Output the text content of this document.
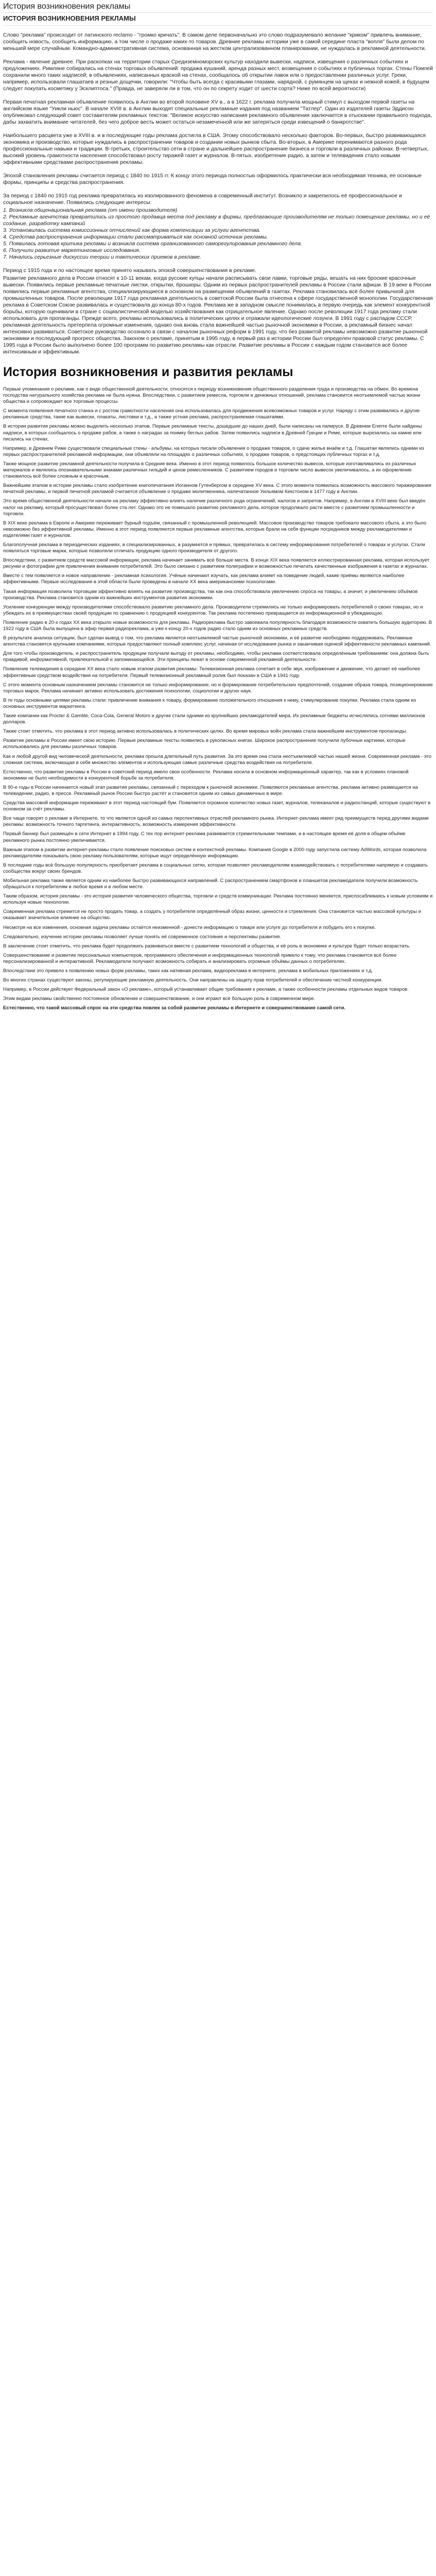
История возникновения рекламы
ИСТОРИЯ ВОЗНИКНОВЕНИЯ РЕКЛАМЫ

Слово "реклама" происходит от латинского reclamo - "громко кричать". В самом деле первоначально это слово подразумевало желание "криком" привлечь внимание, сообщить новость, сообщить информацию, а том числе о продаже каких-то товаров. Древние рекламы историки уже в самой середине пласта "вопля" были делом по меньшей мере случайным. Командно-административная система, основанная на жестком централизованном планировании, не нуждалась в рекламной деятельности.

Реклама - явление древнее. При раскопках на территории старых Средиземноморских культур находили вывески, надписи, извещения о различных событиях и предложениях. Римляне собирались на стенах торговых объявлений: продажа кушаний, аренда разных мест, возвещения о событиях и публичных торгах. Стены Помпей сохранили много таких надписей; в объявлениях, написанных краской на стенах, сообщалось об открытии лавок или о предоставлении различных услуг. Греки, например, использовали глашатаев и резные дощечки, говорили: "Чтобы быть всегда с красивыми глазами, нарядной, с румянцем на щеках и нежной кожей, в будущем следует покупать косметику у Эсклиптоса." (Правда, не заверяли ли в том, что он по секрету ходит от шести сорта? Ниже по всей вероятности)

Первая печатная рекламная объявление появилось в Англии во второй половине XV в., а в 1622 г. реклама получила мощный стимул с выходом первой газеты на английском языке "Уикли ньюс". В начале XVIII в. в Англии выходят специальные рекламные издания под названием "Татлер". Один из издателей газеты Эддисон опубликовал следующий совет составителям рекламных текстов: "Великое искусство написания рекламного объявления заключается в отыскании правильного подхода, дабы захватить внимание читателей, без чего доброе весть может остаться незамеченной или же затеряться среди извещений о банкротстве".

Наибольшего расцвета уже в XVIII в. и в последующие годы реклама достигла в США. Этому способствовало несколько факторов. Во-первых, быстро развивающаяся экономика и производство, которые нуждались в распространении товаров и создании новых рынков сбыта. Во-вторых, в Америке перенимаются разного рода профессиональные навыки и традиции. В-третьих, строительство сети в стране и дальнейшее распространение бизнеса и торговли в различных районах. В-четвертых, высокий уровень грамотности населения способствовал росту тиражей газет и журналов. В-пятых, изобретение радио, а затем и телевидения стало новыми эффективными средствами распространения рекламы.

Эпохой становления рекламы считается период с 1840 по 1915 гг. К концу этого периода полностью оформилось практически вся необходимая техника, ее основные формы, принципы и средства распространения.

За период с 1840 по 1915 год реклама превратилась из изолированного феномена в современный институт. Возникло и закрепилось её профессиональное и социальное назначение. Появились следующие интересы:

1. Возникла общенациональная реклама (от имени производителя)
2. Рекламные агентства превратились из простого продавца места под рекламу в фирмы, предлагающие производителям не только помещение рекламы, но и её создание, разработку кампаний
3. Установилась система комиссионных отчислений как форма компенсации за услуги агентства.
4. Средства распространения информации стали рассматриваться как основной источник рекламы.
5. Появилась готовая критика рекламы и возникла система организованного саморегулирования рекламного дела.
6. Получили развитие маркетинговые исследования.
7. Начались серьезные дискуссии теории и тактических приемов в рекламе.

Период с 1915 года и по настоящее время принято называть эпохой совершенствования в рекламе.

Развитие рекламного дела в России относят к 10-11 векам, когда русские купцы начали расписывать свои лавки, торговые ряды, вешать на них броские красочные вывески. Появились первые рекламные печатные листки, открытки, брошюры. Одним из первых распространителей рекламы в России стали афиши. В 19 веке в России появились первые рекламные агентства, специализирующиеся в основном на размещении объявлений в газетах. Реклама становилась всё более привычной для промышленных товаров. После революции 1917 года рекламная деятельность в советской России была отнесена к сфере государственной монополии. Государственная реклама в Советском Союзе развивалась и существовала до конца 80-х годов. Реклама же в западном смысле понималась в первую очередь как элемент конкурентной борьбы, которую оценивали в стране с социалистической моделью хозяйствования как отрицательное явление. Однако после революции 1917 года рекламу стали использовать для пропаганды. Прежде всего, рекламы использовались в политических целях и отражали идеологические лозунги. В 1991 году с распадом СССР, рекламная деятельность претерпела огромные изменения, однако она вновь стала важнейшей частью рыночной экономики в России, а рекламный бизнес начал интенсивно развиваться. Советское руководство осознало в связи с началом рыночных реформ в 1991 году, что без развитой рекламы невозможно развитие рыночной экономики и последующий прогресс общества. Законом о рекламе, принятым в 1995 году, в первый раз в истории России был определен правовой статус рекламы. С 1995 года в России было выполнено более 100 программ по развитию рекламы как отрасли. Развитие рекламы в России с каждым годом становится всё более интенсивным и эффективным.

История возникновения и развития рекламы

Первые упоминания о рекламе, как о виде общественной деятельности, относятся к периоду возникновения общественного разделения труда и производства на обмен. Во времена господства натурального хозяйства реклама не была нужна. Впоследствии, с развитием ремесла, торговли и денежных отношений, реклама становится неотъемлемой частью жизни общества и сопровождает все торговые процессы.

С момента появления печатного станка и с ростом грамотности населения она использовалась для продвижения всевозможных товаров и услуг. Наряду с этим развивались и другие рекламные средства, такие как вывески, плакаты, листовки и т.д., а также устная реклама, распространяемая глашатаями.

В истории развития рекламы можно выделить несколько этапов. Первые рекламные тексты, дошедшие до наших дней, были написаны на папирусе. В Древнем Египте были найдены надписи, в которых сообщалось о продаже рабов, а также о наградах за поимку беглых рабов. Затем появились надписи в Древней Греции и Риме, которые вырезались на камне или писались на стенах.

Например, в Древнем Риме существовали специальные стены - альбумы, на которых писали объявления о продаже товаров, о сдаче жилья внаём и т.д. Глашатаи являлись одними из первых распространителей рекламной информации, они объявляли на площадях о различных событиях, о продаже товаров, о предстоящих публичных торгах и т.д.

Также мощное развитие рекламной деятельности получила в Средние века. Именно в этот период появилось большое количество вывесок, которые изготавливались из различных материалов и являлись опознавательными знаками различных гильдий и цехов ремесленников. С развитием городов и торговли число вывесок увеличивалось, а их оформление становилось всё более сложным и красочным.

Важнейшим этапом в истории рекламы стало изобретение книгопечатания Иоганном Гутенбергом в середине XV века. С этого момента появилась возможность массового тиражирования печатной рекламы, и первой печатной рекламой считается объявление о продаже молитвенника, напечатанное Уильямом Кекстоном в 1477 году в Англии.

Это время общественной деятельности начали на рекламу эффективно влиять наличие различного рода ограничений, налогов и запретов. Например, в Англии в XVIII веке был введён налог на рекламу, который просуществовал более ста лет. Однако это не помешало развитию рекламного дела, которое продолжало расти вместе с развитием промышленности и торговли.

В XIX веке реклама в Европе и Америке переживает бурный подъём, связанный с промышленной революцией. Массовое производство товаров требовало массового сбыта, а это было невозможно без эффективной рекламы. Именно в этот период появляются первые рекламные агентства, которые брали на себя функции посредников между рекламодателями и издателями газет и журналов.

Благополучная реклама в периодических изданиях, в специализированных, а разумеется и прямых, превратилась в систему информирования потребителей о товарах и услугах. Стали появляться торговые марки, которые позволяли отличать продукцию одного производителя от другого.

Впоследствии, с развитием средств массовой информации, реклама начинает занимать всё больше места. В конце XIX века появляется иллюстрированная реклама, которая использует рисунки и фотографии для привлечения внимания потребителей. Это было связано с развитием полиграфии и возможностью печатать качественные изображения в газетах и журналах.

Вместе с тем появляется и новое направление - рекламная психология. Учёные начинают изучать, как реклама влияет на поведение людей, какие приёмы являются наиболее эффективными. Первые исследования в этой области были проведены в начале XX века американскими психологами.

Такая информация позволила торговцам эффективно влиять на развитие производства, так как она способствовала увеличению спроса на товары, а значит, и увеличению объёмов производства. Реклама становится одним из важнейших инструментов развития экономики.

Усиление конкуренции между производителями способствовало развитию рекламного дела. Производители стремились не только информировать потребителей о своих товарах, но и убеждать их в преимуществах своей продукции по сравнению с продукцией конкурентов. Так реклама постепенно превращается из информационной в убеждающую.

Появление радио в 20-х годах XX века открыло новые возможности для рекламы. Радиореклама быстро завоевала популярность благодаря возможности охватить большую аудиторию. В 1922 году в США была выпущена в эфир первая радиореклама, а уже к концу 20-х годов радио стало одним из основных рекламных средств.

В результате анализа ситуации, был сделан вывод о том, что реклама является неотъемлемой частью рыночной экономики, и её развитие необходимо поддерживать. Рекламные агентства становятся крупными компаниями, которые предоставляют полный комплекс услуг, начиная от исследования рынка и заканчивая оценкой эффективности рекламных кампаний.

Для того чтобы производитель, и распространитель продукции получали выгоду от рекламы, необходимо, чтобы реклама соответствовала определённым требованиям: она должна быть правдивой, информативной, привлекательной и запоминающейся. Эти принципы лежат в основе современной рекламной деятельности.

Появление телевидения в середине XX века стало новым этапом развития рекламы. Телевизионная реклама сочетает в себе звук, изображение и движение, что делает её наиболее эффективным средством воздействия на потребителя. Первый телевизионный рекламный ролик был показан в США в 1941 году.

С этого момента основным назначением рекламы становится не только информирование, но и формирование потребительских предпочтений, создание образа товара, позиционирование торговых марок. Реклама начинает активно использовать достижения психологии, социологии и других наук.

В те годы основными целями рекламы стали: привлечение внимания к товару, формирование положительного отношения к нему, стимулирование покупки. Реклама стала одним из основных инструментов маркетинга.

Такие компании как Procter & Gamble, Coca-Cola, General Motors и другие стали одними из крупнейших рекламодателей мира. Их рекламные бюджеты исчислялись сотнями миллионов долларов.

Также стоит отметить, что реклама в этот период активно использовалась в политических целях. Во время мировых войн реклама стала важнейшим инструментом пропаганды.

Развитие рекламы в России имеет свою историю. Первые рекламные тексты появились в рукописных книгах. Широкое распространение получили лубочные картинки, которые использовались для рекламы различных товаров.

Как и любой другой вид человеческой деятельности, реклама прошла длительный путь развития. За это время она стала неотъемлемой частью нашей жизни. Современная реклама - это сложная система, включающая в себя множество элементов и использующая самые различные средства воздействия на потребителя.

Естественно, что развитие рекламы в России в советский период имело свои особенности. Реклама носила в основном информационный характер, так как в условиях плановой экономики не было необходимости в конкурентной борьбе за потребителя.

В 90-е годы в России начинается новый этап развития рекламы, связанный с переходом к рыночной экономике. Появляются рекламные агентства, реклама активно размещается на телевидении, радио, в прессе. Рекламный рынок России быстро растёт и становится одним из самых динамичных в мире.

Средства массовой информации переживают в этот период настоящий бум. Появляется огромное количество новых газет, журналов, телеканалов и радиостанций, которые существуют в основном за счёт рекламы.

Все чаще говорят о рекламе в Интернете, то что является одной из самых перспективных отраслей рекламного рынка. Интернет-реклама имеет ряд преимуществ перед другими видами рекламы: возможность точного таргетинга, интерактивность, возможность измерения эффективности.

Первый баннер был размещён в сети Интернет в 1994 году. С тех пор интернет-реклама развивается стремительными темпами, и в настоящее время её доля в общем объёме рекламного рынка постоянно увеличивается.

Важным этапом в развитии интернет-рекламы стало появление поисковых систем и контекстной рекламы. Компания Google в 2000 году запустила систему AdWords, которая позволила рекламодателям показывать свою рекламу пользователям, которые ищут определённую информацию.

В последние годы всё большую популярность приобретает реклама в социальных сетях, которая позволяет рекламодателям взаимодействовать с потребителями напрямую и создавать сообщества вокруг своих брендов.

Мобильная реклама также является одним из наиболее быстро развивающихся направлений. С распространением смартфонов и планшетов рекламодатели получили возможность обращаться к потребителям в любое время и в любом месте.

Таким образом, история рекламы - это история развития человеческого общества, торговли и средств коммуникации. Реклама постоянно меняется, приспосабливаясь к новым условиям и используя новые технологии.

Современная реклама стремится не просто продать товар, а создать у потребителя определённый образ жизни, ценности и стремления. Она становится частью массовой культуры и оказывает значительное влияние на общество.

Несмотря на все изменения, основная задача рекламы остаётся неизменной - донести информацию о товаре или услуге до потребителя и побудить его к покупке.

Следовательно, изучение истории рекламы позволяет лучше понять её современное состояние и перспективы развития.

В заключение стоит отметить, что реклама будет продолжать развиваться вместе с развитием технологий и общества, и её роль в экономике и культуре будет только возрастать.

Совершенствование и развитие персональных компьютеров, программного обеспечения и информационных технологий привело к тому, что реклама становится всё более персонализированной и интерактивной. Рекламодатели получают возможность собирать и анализировать огромные объёмы данных о потребителях.

Впоследствии это привело к появлению новых форм рекламы, таких как нативная реклама, видеореклама в интернете, реклама в мобильных приложениях и т.д.

Во многих странах существуют законы, регулирующие рекламную деятельность. Они направлены на защиту прав потребителей и обеспечение честной конкуренции.

Например, в России действует Федеральный закон «О рекламе», который устанавливает общие требования к рекламе, а также особенности рекламы отдельных видов товаров.

Этим видам рекламы свойственно постоянное обновление и совершенствование, и они играют всё большую роль в современном мире.

Естественно, что такой массовый спрос на эти средства повлек за собой развитие рекламы в Интернете и совершенствование самой сети.
